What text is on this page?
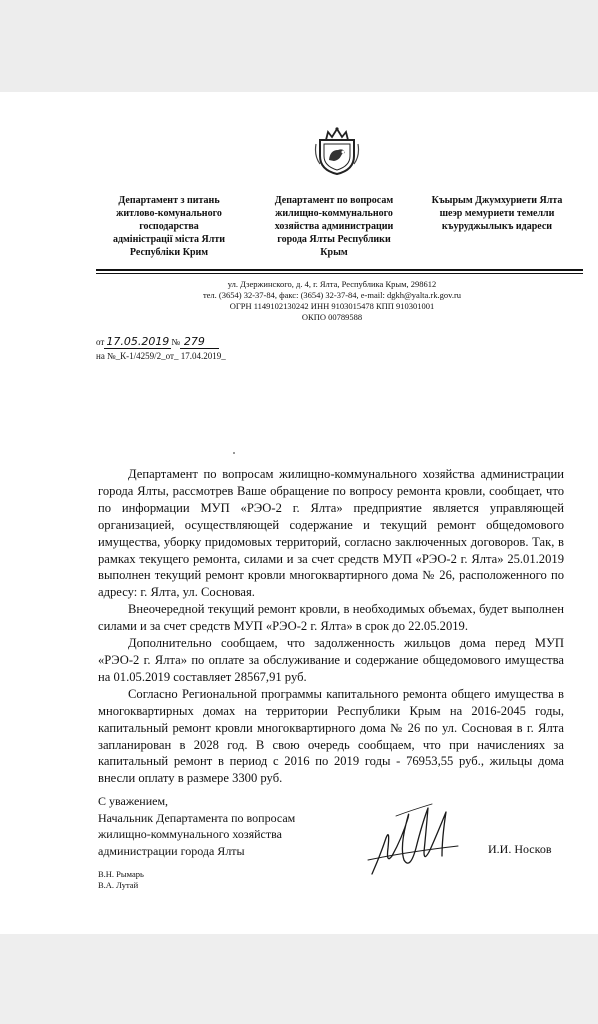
Департамент з питань
житлово-комунального
господарства
адміністрації міста Ялти
Республіки Крим
Департамент по вопросам
жилищно-коммунального
хозяйства администрации
города Ялты Республики
Крым
Къырым Джумхуриети Ялта
шеэр мемуриети темелли
къуруджылыкъ идареси
ул. Дзержинского, д. 4, г. Ялта, Республика Крым, 298612
тел. (3654) 32-37-84, факс: (3654) 32-37-84, e-mail: dgkh@yalta.rk.gov.ru
ОГРН 1149102130242 ИНН 9103015478 КПП 910301001
ОКПО 00789588
от 17.05.2019 № 279
на №_К-1/4259/2_от_ 17.04.2019_

Департамент по вопросам жилищно-коммунального хозяйства администрации города Ялты, рассмотрев Ваше обращение по вопросу ремонта кровли, сообщает, что по информации МУП «РЭО-2 г. Ялта» предприятие является управляющей организацией, осуществляющей содержание и текущий ремонт общедомового имущества, уборку придомовых территорий, согласно заключенных договоров. Так, в рамках текущего ремонта, силами и за счет средств МУП «РЭО-2 г. Ялта» 25.01.2019 выполнен текущий ремонт кровли многоквартирного дома № 26, расположенного по адресу: г. Ялта, ул. Сосновая.

Внеочередной текущий ремонт кровли, в необходимых объемах, будет выполнен силами и за счет средств МУП «РЭО-2 г. Ялта» в срок до 22.05.2019.

Дополнительно сообщаем, что задолженность жильцов дома перед МУП «РЭО-2 г. Ялта» по оплате за обслуживание и содержание общедомового имущества на 01.05.2019 составляет 28567,91 руб.

Согласно Региональной программы капитального ремонта общего имущества в многоквартирных домах на территории Республики Крым на 2016-2045 годы, капитальный ремонт кровли многоквартирного дома № 26 по ул. Сосновая в г. Ялта запланирован в 2028 год. В свою очередь сообщаем, что при начислениях за капитальный ремонт в период с 2016 по 2019 годы - 76953,55 руб., жильцы дома внесли оплату в размере 3300 руб.

С уважением,
Начальник Департамента по вопросам
жилищно-коммунального хозяйства
администрации города Ялты	И.И. Носков
В.Н. Рымарь
В.А. Лутай
